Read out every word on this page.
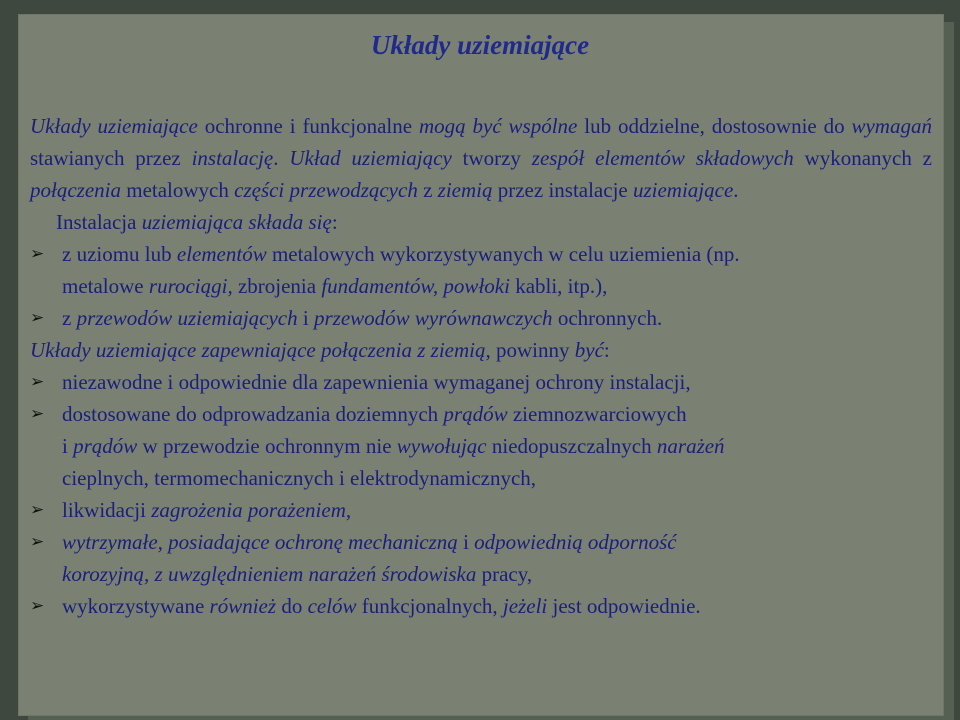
Układy uziemiające
Układy uziemiające ochronne i funkcjonalne mogą być wspólne lub oddzielne, dostosownie do wymagań stawianych przez instalację. Układ uziemiający tworzy zespół elementów składowych wykonanych z połączenia metalowych części przewodzących z ziemią przez instalacje uziemiające.
Instalacja uziemiająca składa się:
➢ z uziomu lub elementów metalowych wykorzystywanych w celu uziemienia (np.
metalowe rurociągi, zbrojenia fundamentów, powłoki kabli, itp.),
➢ z przewodów uziemiających i przewodów wyrównawczych ochronnych.
Układy uziemiające zapewniające połączenia z ziemią, powinny być:
➢ niezawodne i odpowiednie dla zapewnienia wymaganej ochrony instalacji,
➢ dostosowane do odprowadzania doziemnych prądów ziemnozwarciowych
i prądów w przewodzie ochronnym nie wywołując niedopuszczalnych narażeń
cieplnych, termomechanicznych i elektrodynamicznych,
➢ likwidacji zagrożenia porażeniem,
➢ wytrzymałe, posiadające ochronę mechaniczną i odpowiednią odporność
korozyjną, z uwzględnieniem narażeń środowiska pracy,
➢ wykorzystywane również do celów funkcjonalnych, jeżeli jest odpowiednie.
